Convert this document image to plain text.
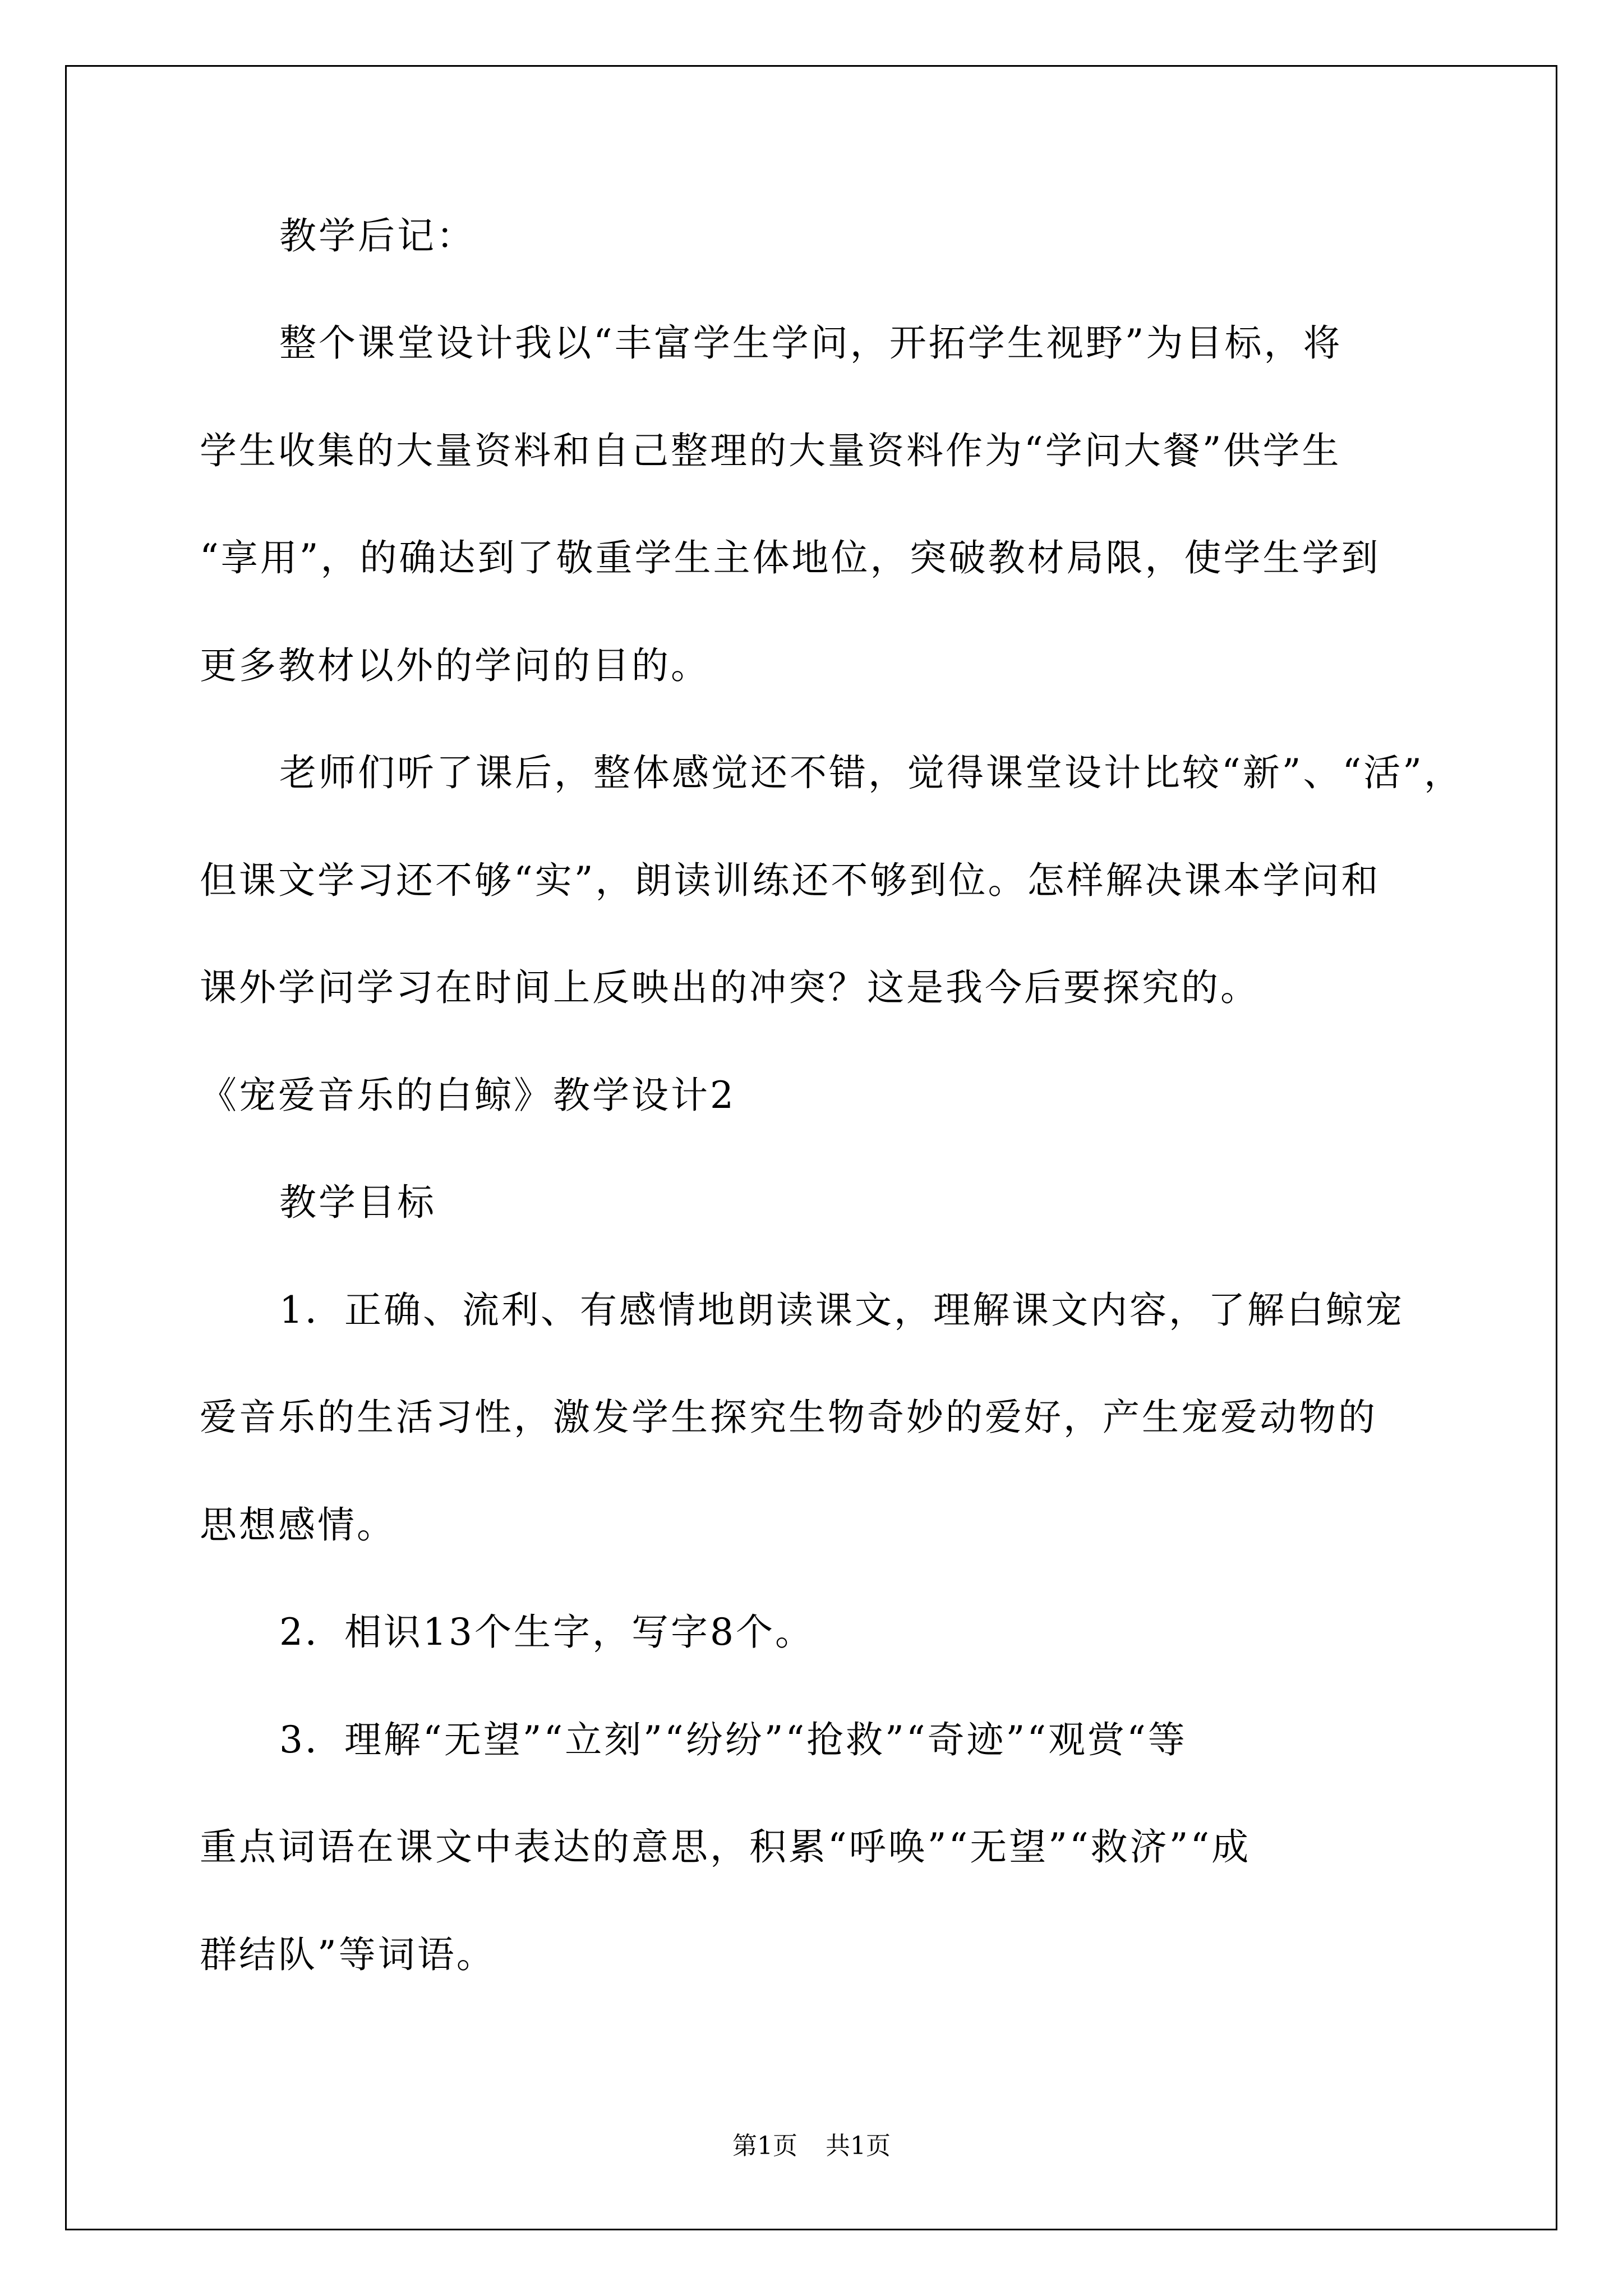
教学后记：
整个课堂设计我以“丰富学生学问，开拓学生视野”为目标，将
学生收集的大量资料和自己整理的大量资料作为“学问大餐”供学生
“享用”，的确达到了敬重学生主体地位，突破教材局限，使学生学到
更多教材以外的学问的目的。
老师们听了课后，整体感觉还不错，觉得课堂设计比较“新”、“活”，
但课文学习还不够“实”，朗读训练还不够到位。怎样解决课本学问和
课外学问学习在时间上反映出的冲突？这是我今后要探究的。
《宠爱音乐的白鲸》教学设计2
教学目标
1．正确、流利、有感情地朗读课文，理解课文内容，了解白鲸宠
爱音乐的生活习性，激发学生探究生物奇妙的爱好，产生宠爱动物的
思想感情。
2．相识13个生字，写字8个。
3．理解“无望”“立刻”“纷纷”“抢救”“奇迹”“观赏“等
重点词语在课文中表达的意思，积累“呼唤”“无望”“救济”“成
群结队”等词语。
第1页 共1页
